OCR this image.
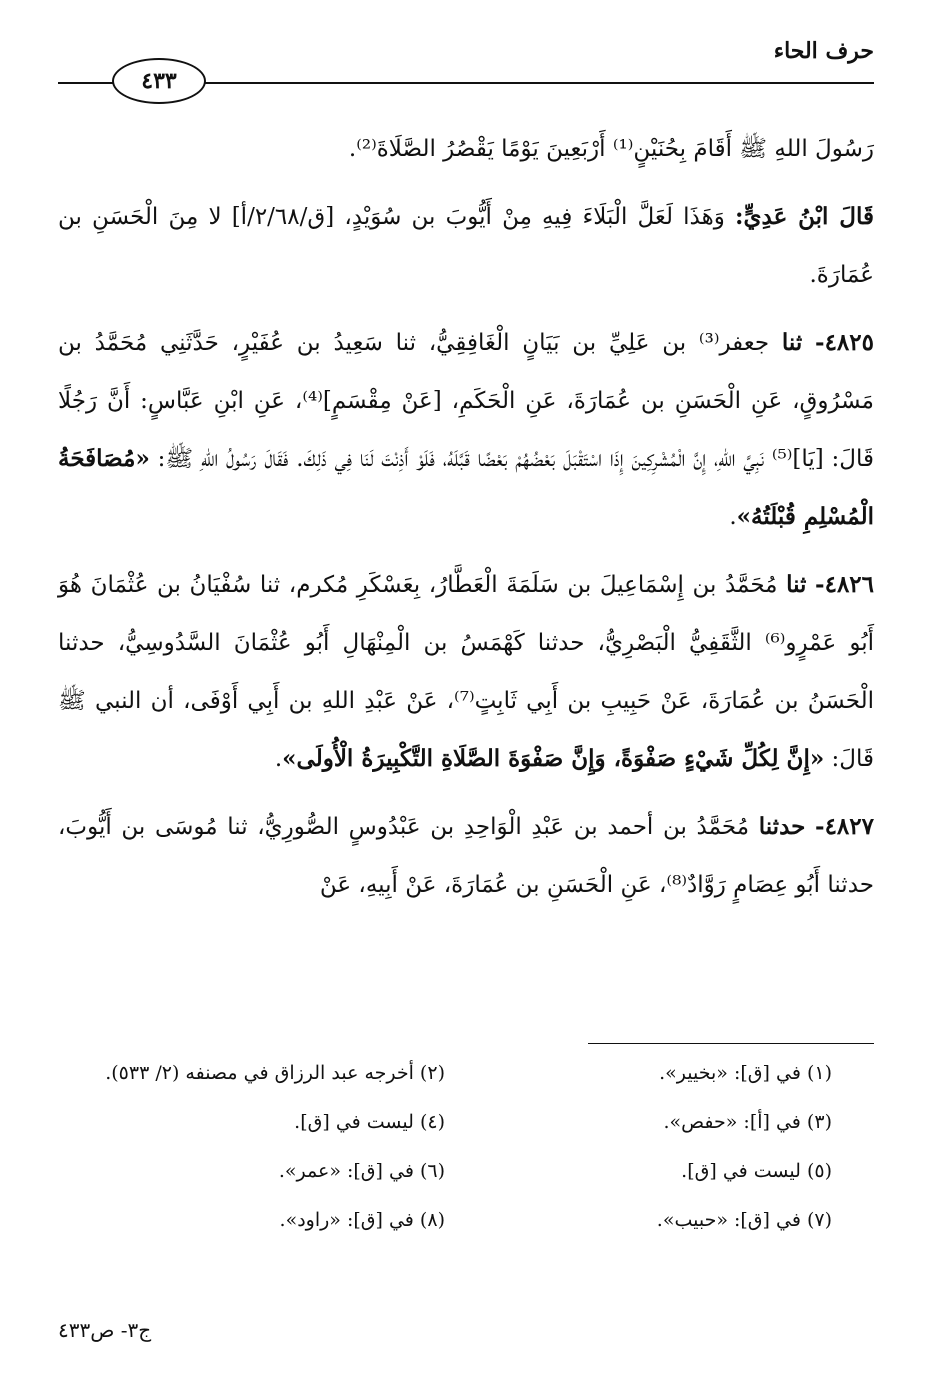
حرف الحاء
٤٣٣

رَسُولَ اللهِ ﷺ أَقَامَ بِحُنَيْنٍ⁽¹⁾ أَرْبَعِينَ يَوْمًا يَقْصُرُ الصَّلَاةَ⁽²⁾.

قَالَ ابْنُ عَدِيٍّ: وَهَذَا لَعَلَّ الْبَلَاءَ فِيهِ مِنْ أَيُّوبَ بن سُوَيْدٍ، [ق/٢/٦٨/أ] لا مِنَ الْحَسَنِ بن عُمَارَةَ.

٤٨٢٥- ثنا جعفر⁽³⁾ بن عَلِيِّ بن بَيَانٍ الْغَافِقِيُّ، ثنا سَعِيدُ بن عُفَيْرٍ، حَدَّثَنِي مُحَمَّدُ بن مَسْرُوقٍ، عَنِ الْحَسَنِ بن عُمَارَةَ، عَنِ الْحَكَمِ، [عَنْ مِقْسَمٍ]⁽⁴⁾، عَنِ ابْنِ عَبَّاسٍ: أَنَّ رَجُلًا قَالَ: [يَا]⁽⁵⁾ نَبِيَّ اللهِ، إِنَّ الْمُشْرِكِينَ إِذَا اسْتَقْبَلَ بَعْضُهُمْ بَعْضًا قَبَّلَهُ، فَلَوْ أَذِنْتَ لَنَا فِي ذَلِكَ. فَقَالَ رَسُولُ اللهِ ﷺ: «مُصَافَحَةُ الْمُسْلِمِ قُبْلَتُهُ».

٤٨٢٦- ثنا مُحَمَّدُ بن إِسْمَاعِيلَ بن سَلَمَةَ الْعَطَّارُ، بِعَسْكَرِ مُكرم، ثنا سُفْيَانُ بن عُثْمَانَ هُوَ أَبُو عَمْرٍو⁽⁶⁾ الثَّقَفِيُّ الْبَصْرِيُّ، حدثنا كَهْمَسُ بن الْمِنْهَالِ أَبُو عُثْمَانَ السَّدُوسِيُّ، حدثنا الْحَسَنُ بن عُمَارَةَ، عَنْ حَبِيبِ بن أَبِي ثَابِتٍ⁽⁷⁾، عَنْ عَبْدِ اللهِ بن أَبِي أَوْفَى، أن النبي ﷺ قَالَ: «إِنَّ لِكُلِّ شَيْءٍ صَفْوَةً، وَإِنَّ صَفْوَةَ الصَّلَاةِ التَّكْبِيرَةُ الْأُولَى».

٤٨٢٧- حدثنا مُحَمَّدُ بن أحمد بن عَبْدِ الْوَاحِدِ بن عَبْدُوسٍ الصُّورِيُّ، ثنا مُوسَى بن أَيُّوبَ، حدثنا أَبُو عِصَامٍ رَوَّادٌ⁽⁸⁾، عَنِ الْحَسَنِ بن عُمَارَةَ، عَنْ أَبِيهِ، عَنْ

(١) في [ق]: «بخيير».
(٢) أخرجه عبد الرزاق في مصنفه (٢/ ٥٣٣).
(٣) في [أ]: «حفص».
(٤) ليست في [ق].
(٥) ليست في [ق].
(٦) في [ق]: «عمر».
(٧) في [ق]: «حبيب».
(٨) في [ق]: «راود».
ج٣- ص٤٣٣
